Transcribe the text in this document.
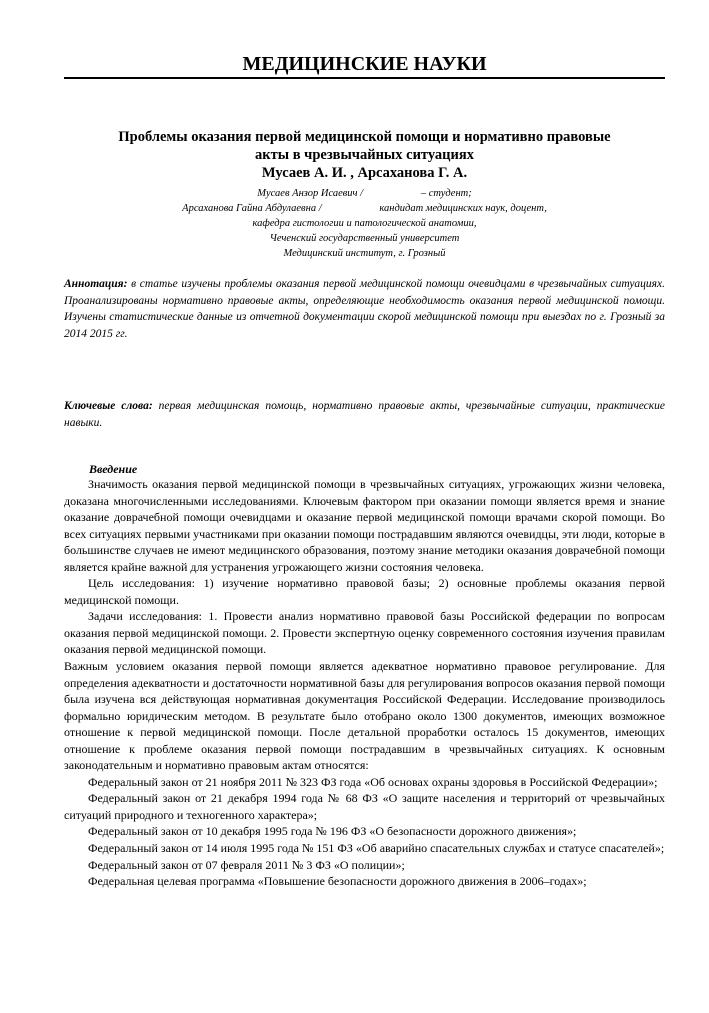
МЕДИЦИНСКИЕ НАУКИ
Проблемы оказания первой медицинской помощи и нормативно правовые
акты в чрезвычайных ситуациях
Мусаев А. И. , Арсаханова Г. А.
Мусаев Анзор Исаевич /                      – студент;
Арсаханова Гайна Абдулаевна /                      кандидат медицинских наук, доцент,
кафедра гистологии и патологической анатомии,
Чеченский государственный университет
Медицинский институт, г. Грозный
Аннотация: в статье изучены проблемы оказания первой медицинской помощи очевидцами в чрезвычайных ситуациях. Проанализированы нормативно правовые акты, определяющие необходимость оказания первой медицинской помощи. Изучены статистические данные из отчетной документации скорой медицинской помощи при выездах по г. Грозный за 2014 2015 гг.
Ключевые слова: первая медицинская помощь, нормативно правовые акты, чрезвычайные ситуации, практические навыки.
Введение

Значимость оказания первой медицинской помощи в чрезвычайных ситуациях, угрожающих жизни человека, доказана многочисленными исследованиями. Ключевым фактором при оказании помощи является время и знание оказание доврачебной помощи очевидцами и оказание первой медицинской помощи врачами скорой помощи. Во всех ситуациях первыми участниками при оказании помощи пострадавшим являются очевидцы, эти люди, которые в большинстве случаев не имеют медицинского образования, поэтому знание методики оказания доврачебной помощи является крайне важной для устранения угрожающего жизни состояния человека.

Цель исследования: 1) изучение нормативно правовой базы; 2) основные проблемы оказания первой медицинской помощи.

Задачи исследования: 1. Провести анализ нормативно правовой базы Российской федерации по вопросам оказания первой медицинской помощи. 2. Провести экспертную оценку современного состояния изучения правилам оказания первой медицинской помощи.

Важным условием оказания первой помощи является адекватное нормативно правовое регулирование. Для определения адекватности и достаточности нормативной базы для регулирования вопросов оказания первой помощи была изучена вся действующая нормативная документация Российской Федерации. Исследование производилось формально юридическим методом. В результате было отобрано около 1300 документов, имеющих возможное отношение к первой медицинской помощи. После детальной проработки осталось 15 документов, имеющих отношение к проблеме оказания первой помощи пострадавшим в чрезвычайных ситуациях. К основным законодательным и нормативно правовым актам относятся:

Федеральный закон от 21 ноября 2011 № 323 ФЗ года «Об основах охраны здоровья в Российской Федерации»;

Федеральный закон от 21 декабря 1994 года № 68 ФЗ «О защите населения и территорий от чрезвычайных ситуаций природного и техногенного характера»;

Федеральный закон от 10 декабря 1995 года № 196 ФЗ «О безопасности дорожного движения»;

Федеральный закон от 14 июля 1995 года № 151 ФЗ «Об аварийно спасательных службах и статусе спасателей»;

Федеральный закон от 07 февраля 2011 № 3 ФЗ «О полиции»;

Федеральная целевая программа «Повышение безопасности дорожного движения в 2006–годах»;
